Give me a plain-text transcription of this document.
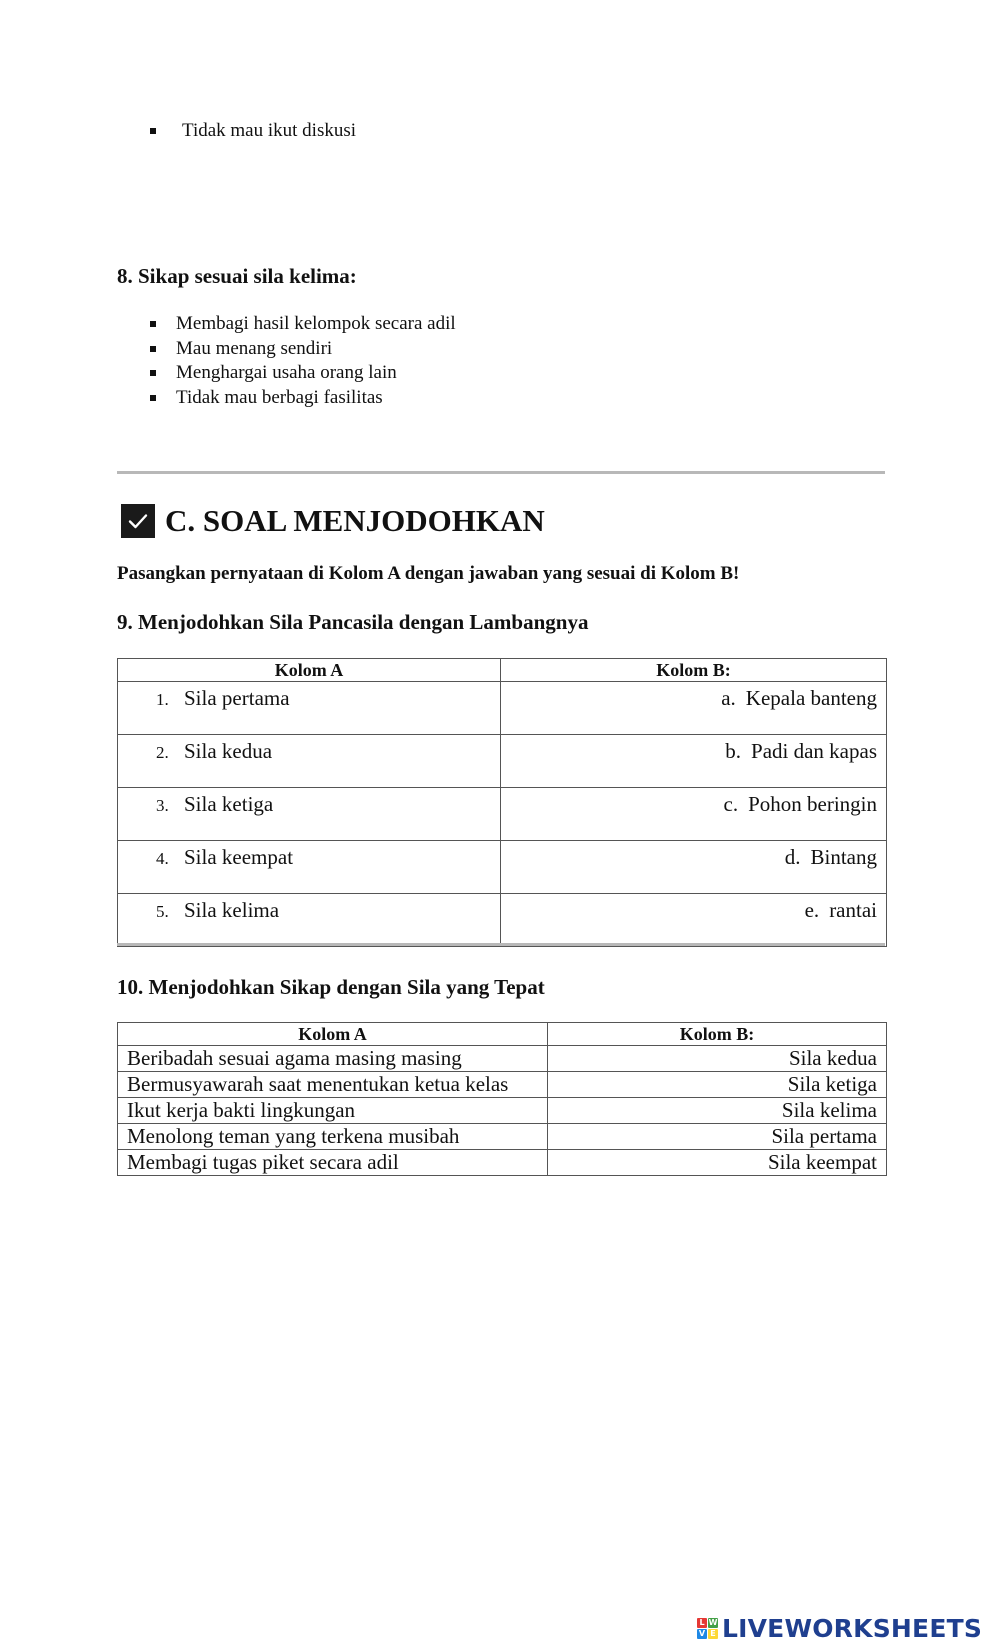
Tidak mau ikut diskusi
8. Sikap sesuai sila kelima:
Membagi hasil kelompok secara adil
Mau menang sendiri
Menghargai usaha orang lain
Tidak mau berbagi fasilitas
C. SOAL MENJODOHKAN

Pasangkan pernyataan di Kolom A dengan jawaban yang sesuai di Kolom B!

9. Menjodohkan Sila Pancasila dengan Lambangnya
Kolom A	Kolom B:
1. Sila pertama	a. Kepala banteng
2. Sila kedua	b. Padi dan kapas
3. Sila ketiga	c. Pohon beringin
4. Sila keempat	d. Bintang
5. Sila kelima	e. rantai
10. Menjodohkan Sikap dengan Sila yang Tepat
Kolom A	Kolom B:
Beribadah sesuai agama masing masing	Sila kedua
Bermusyawarah saat menentukan ketua kelas	Sila ketiga
Ikut kerja bakti lingkungan	Sila kelima
Menolong teman yang terkena musibah	Sila pertama
Membagi tugas piket secara adil	Sila keempat
L W
V E LIVEWORKSHEETS
